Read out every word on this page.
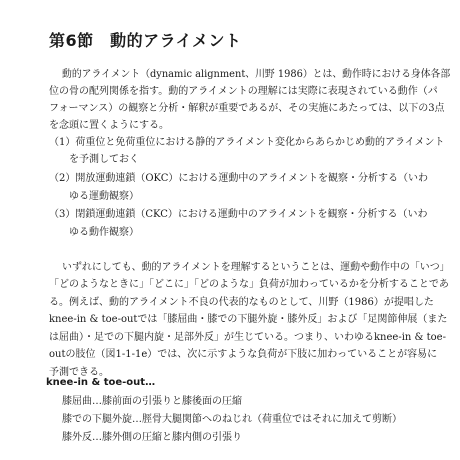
第6節　動的アライメント
動的アライメント（dynamic alignment、川野 1986）とは、動作時における身体各部
位の骨の配列関係を指す。動的アライメントの理解には実際に表現されている動作（パ
フォーマンス）の観察と分析・解釈が重要であるが、その実施にあたっては、以下の3点
を念頭に置くようにする。
（1）荷重位と免荷重位における静的アライメント変化からあらかじめ動的アライメント
を予測しておく
（2）開放運動連鎖（OKC）における運動中のアライメントを観察・分析する（いわ
ゆる運動観察）
（3）閉鎖運動連鎖（CKC）における運動中のアライメントを観察・分析する（いわ
ゆる動作観察）
いずれにしても、動的アライメントを理解するということは、運動や動作中の「いつ」
「どのようなときに」「どこに」「どのような」負荷が加わっているかを分析することであ
る。例えば、動的アライメント不良の代表的なものとして、川野（1986）が提唱した
knee-in & toe-outでは「膝屈曲・膝での下腿外旋・膝外反」および「足関節伸展（また
は屈曲）・足での下腿内旋・足部外反」が生じている。つまり、いわゆるknee-in & toe-
outの肢位（図1-1-1e）では、次に示すような負荷が下肢に加わっていることが容易に
予測できる。
knee-in & toe-out…
膝屈曲…膝前面の引張りと膝後面の圧縮
膝での下腿外旋…脛骨大腿関節へのねじれ（荷重位ではそれに加えて剪断）
膝外反…膝外側の圧縮と膝内側の引張り
